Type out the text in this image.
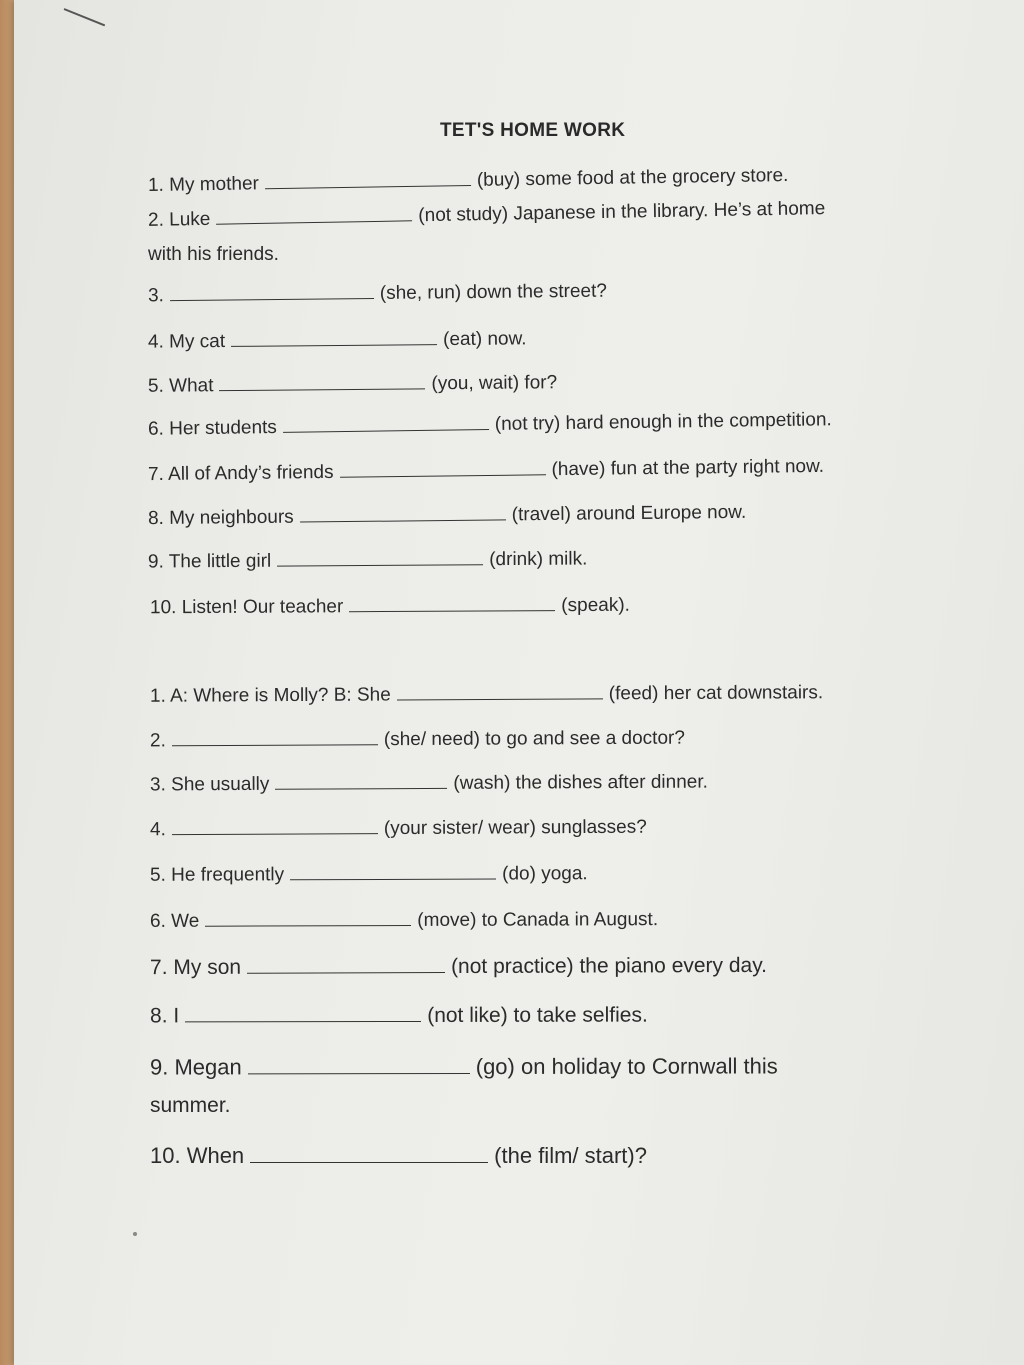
TET'S HOME WORK
1. My mother	(buy) some food at the grocery store.
2. Luke	(not study) Japanese in the library. He’s at home
with his friends.
3.	(she, run) down the street?
4. My cat	(eat) now.
5. What	(you, wait) for?
6. Her students	(not try) hard enough in the competition.
7. All of Andy’s friends	(have) fun at the party right now.
8. My neighbours	(travel) around Europe now.
9. The little girl	(drink) milk.
10. Listen! Our teacher	(speak).
1. A: Where is Molly? B: She	(feed) her cat downstairs.
2.	(she/ need) to go and see a doctor?
3. She usually	(wash) the dishes after dinner.
4.	(your sister/ wear) sunglasses?
5. He frequently	(do) yoga.
6. We	(move) to Canada in August.
7. My son	(not practice) the piano every day.
8. I	(not like) to take selfies.
9. Megan	(go) on holiday to Cornwall this
summer.
10. When	(the film/ start)?
